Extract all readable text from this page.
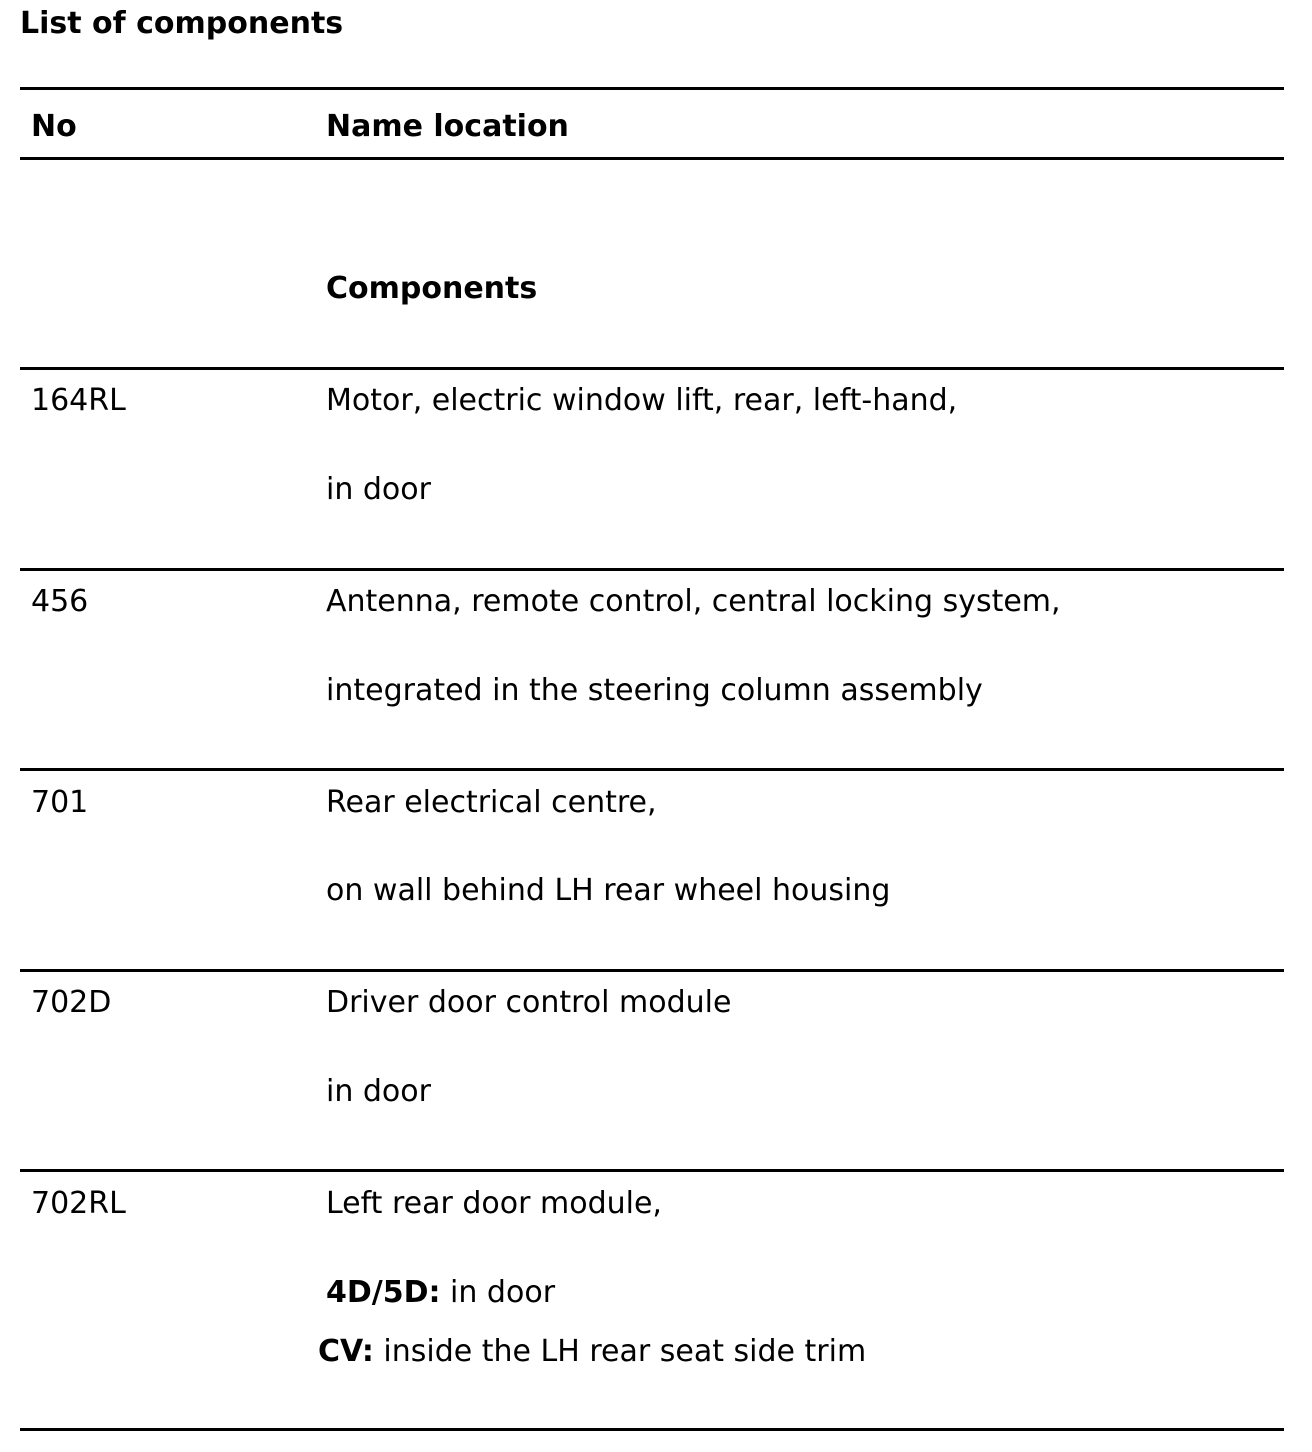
List of components
No	Name location
Components
164RL	Motor, electric window lift, rear, left-hand,
in door
456	Antenna, remote control, central locking system,
integrated in the steering column assembly
701	Rear electrical centre,
on wall behind LH rear wheel housing
702D	Driver door control module
in door
702RL	Left rear door module,
4D/5D: in door
CV: inside the LH rear seat side trim
